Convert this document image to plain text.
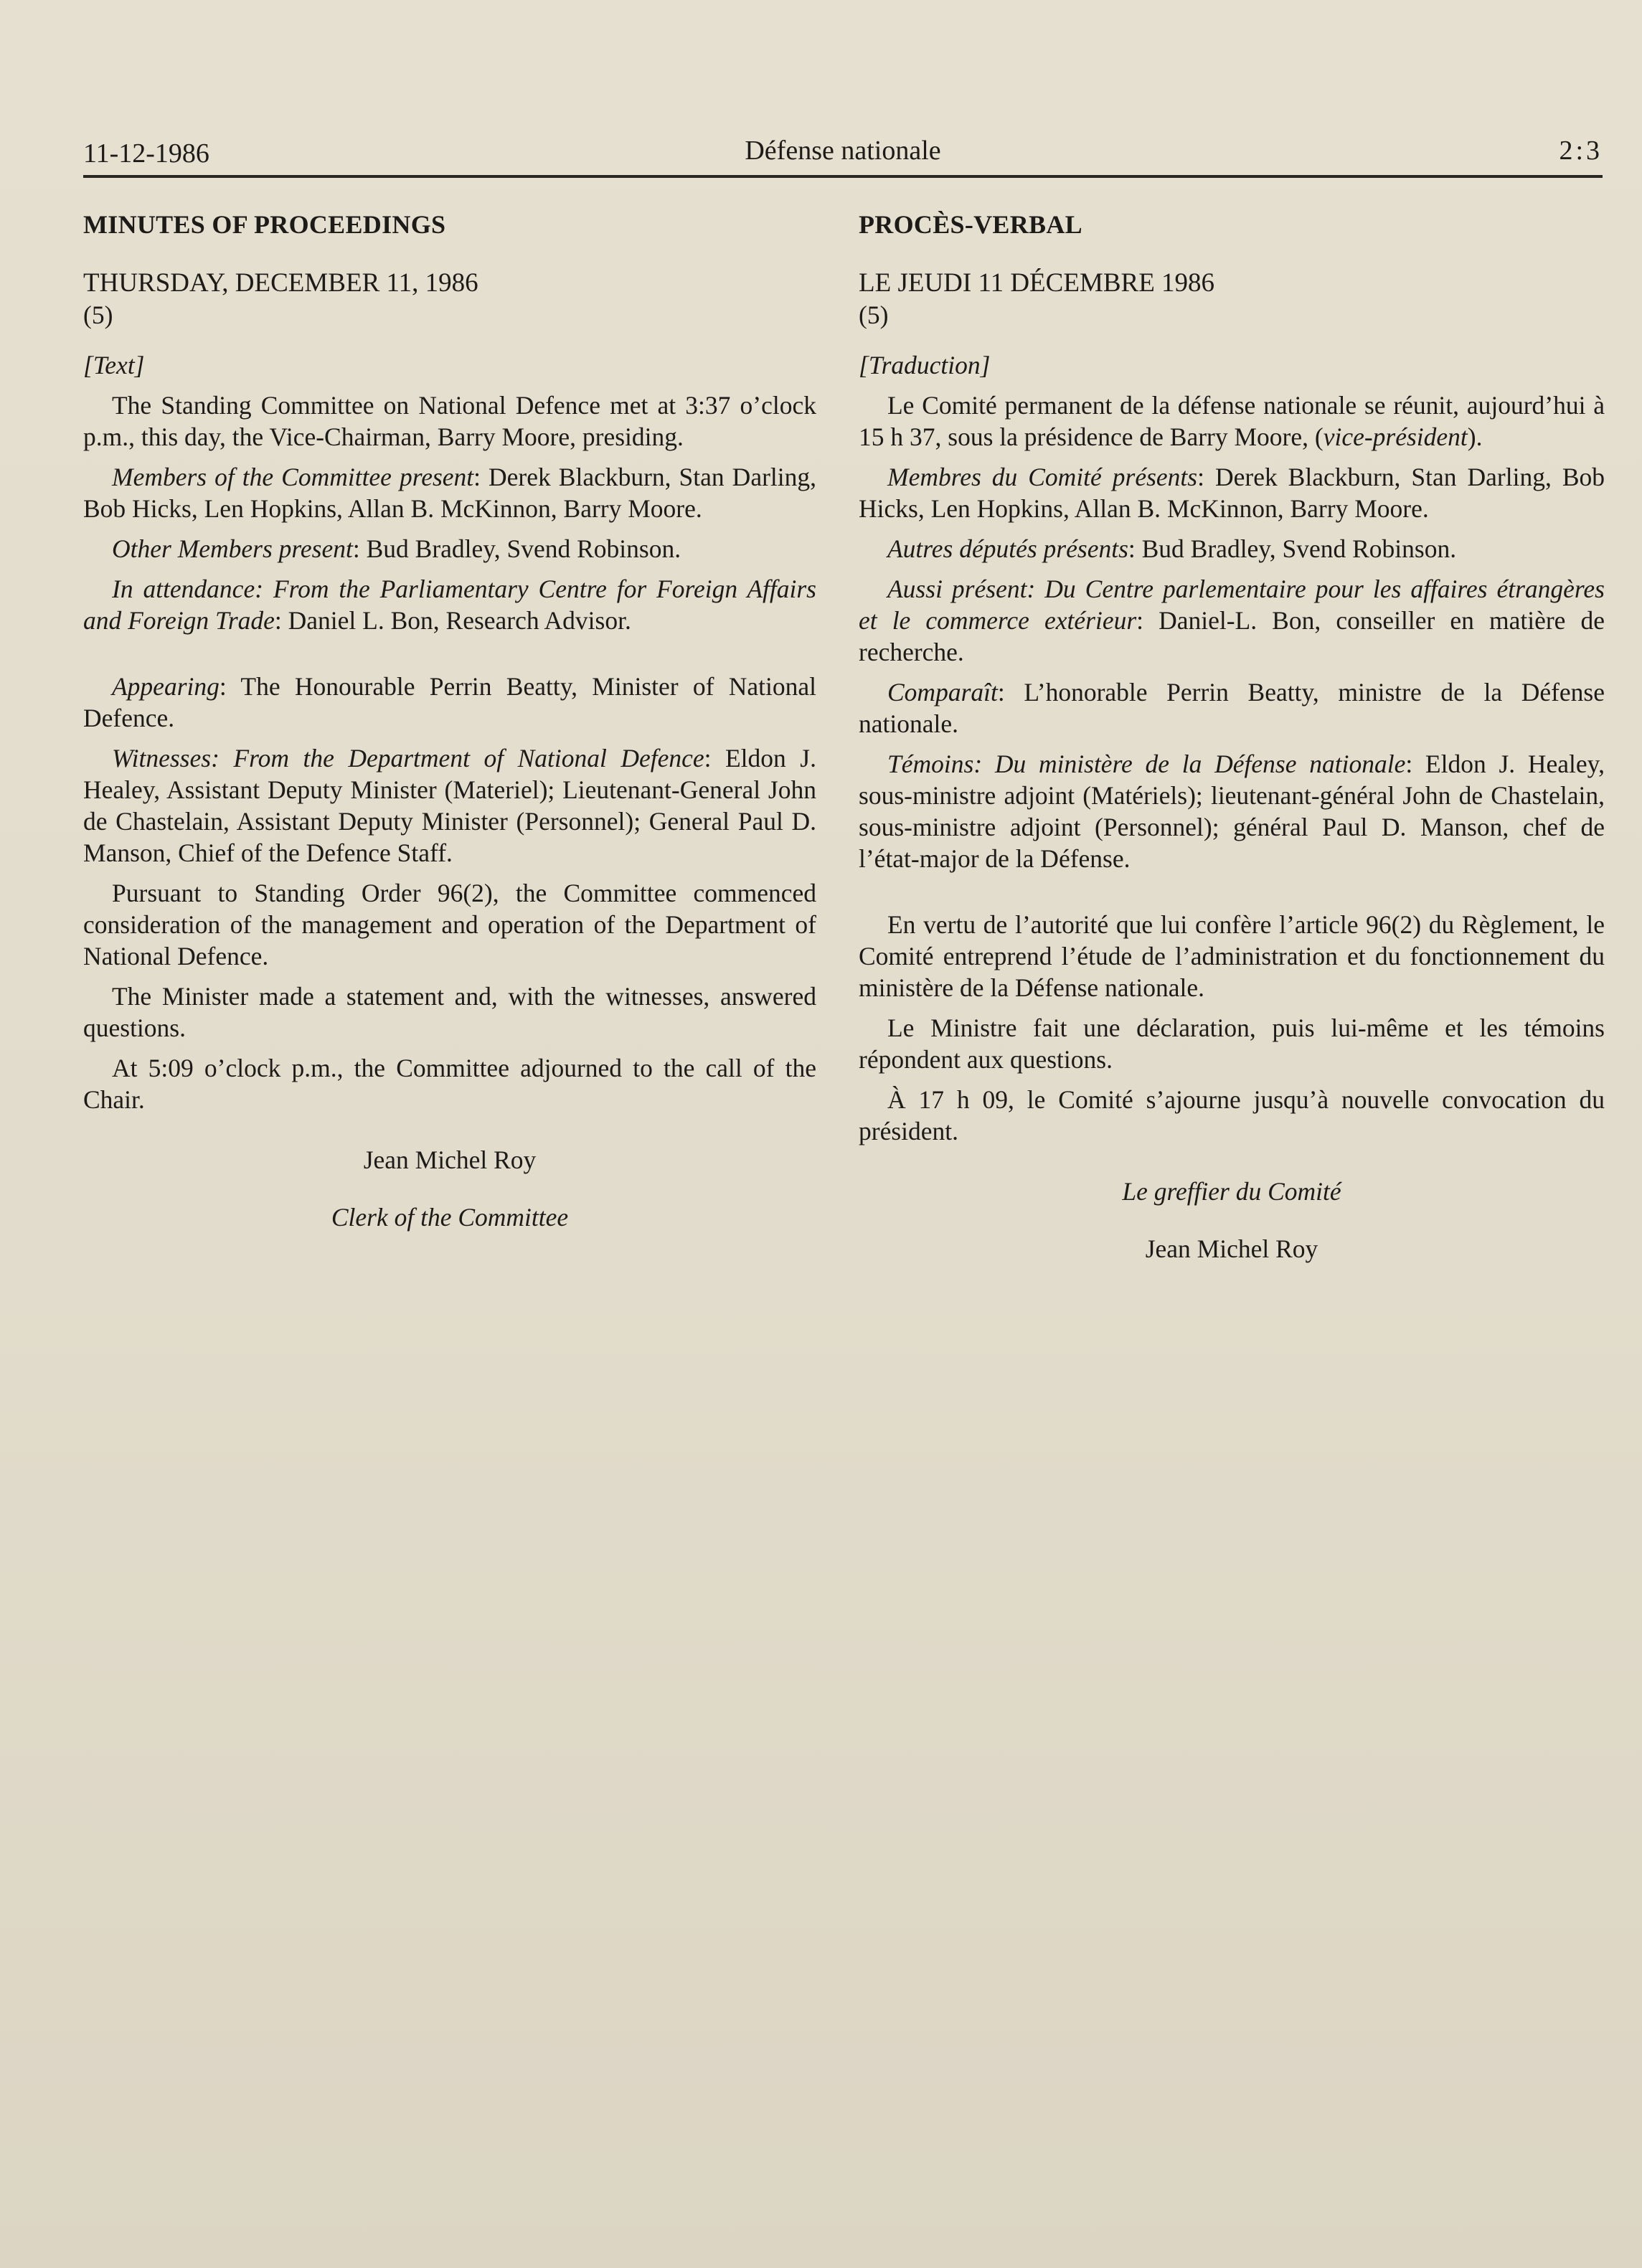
11-12-1986	Défense nationale	2:3
MINUTES OF PROCEEDINGS
THURSDAY, DECEMBER 11, 1986
(5)
[Text]

The Standing Committee on National Defence met at 3:37 o’clock p.m., this day, the Vice-Chairman, Barry Moore, presiding.

Members of the Committee present: Derek Blackburn, Stan Darling, Bob Hicks, Len Hopkins, Allan B. McKinnon, Barry Moore.

Other Members present: Bud Bradley, Svend Robinson.

In attendance: From the Parliamentary Centre for Foreign Affairs and Foreign Trade: Daniel L. Bon, Research Advisor.

Appearing: The Honourable Perrin Beatty, Minister of National Defence.

Witnesses: From the Department of National Defence: Eldon J. Healey, Assistant Deputy Minister (Materiel); Lieutenant-General John de Chastelain, Assistant Deputy Minister (Personnel); General Paul D. Manson, Chief of the Defence Staff.

Pursuant to Standing Order 96(2), the Committee commenced consideration of the management and operation of the Department of National Defence.

The Minister made a statement and, with the witnesses, answered questions.

At 5:09 o’clock p.m., the Committee adjourned to the call of the Chair.

Jean Michel Roy

Clerk of the Committee

PROCÈS-VERBAL
LE JEUDI 11 DÉCEMBRE 1986
(5)
[Traduction]

Le Comité permanent de la défense nationale se réunit, aujourd’hui à 15 h 37, sous la présidence de Barry Moore, (vice-président).

Membres du Comité présents: Derek Blackburn, Stan Darling, Bob Hicks, Len Hopkins, Allan B. McKinnon, Barry Moore.

Autres députés présents: Bud Bradley, Svend Robinson.

Aussi présent: Du Centre parlementaire pour les affaires étrangères et le commerce extérieur: Daniel-L. Bon, conseiller en matière de recherche.

Comparaît: L’honorable Perrin Beatty, ministre de la Défense nationale.

Témoins: Du ministère de la Défense nationale: Eldon J. Healey, sous-ministre adjoint (Matériels); lieutenant-général John de Chastelain, sous-ministre adjoint (Personnel); général Paul D. Manson, chef de l’état-major de la Défense.

En vertu de l’autorité que lui confère l’article 96(2) du Règlement, le Comité entreprend l’étude de l’administration et du fonctionnement du ministère de la Défense nationale.

Le Ministre fait une déclaration, puis lui-même et les témoins répondent aux questions.

À 17 h 09, le Comité s’ajourne jusqu’à nouvelle convocation du président.

Le greffier du Comité

Jean Michel Roy
